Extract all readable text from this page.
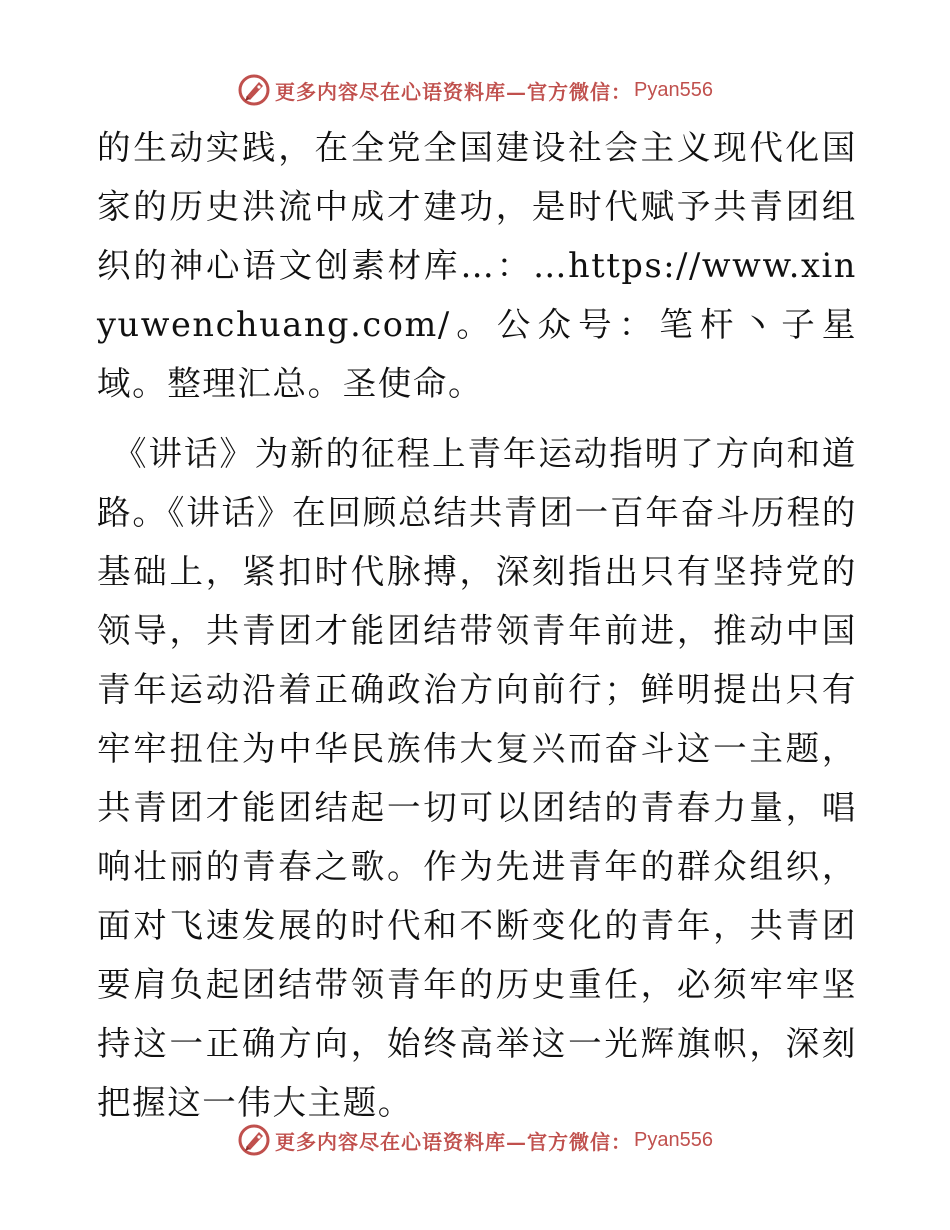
更多内容尽在心语资料库—官方微信： Pyan556

的生动实践，在全党全国建设社会主义现代化国家的历史洪流中成才建功，是时代赋予共青团组织的神心语文创素材库…：…https://www.xinyuwenchuang.com/。公众号：笔杆丶子星域。整理汇总。圣使命。

《讲话》为新的征程上青年运动指明了方向和道路。《讲话》在回顾总结共青团一百年奋斗历程的基础上，紧扣时代脉搏，深刻指出只有坚持党的领导，共青团才能团结带领青年前进，推动中国青年运动沿着正确政治方向前行；鲜明提出只有牢牢扭住为中华民族伟大复兴而奋斗这一主题，共青团才能团结起一切可以团结的青春力量，唱响壮丽的青春之歌。作为先进青年的群众组织，面对飞速发展的时代和不断变化的青年，共青团要肩负起团结带领青年的历史重任，必须牢牢坚持这一正确方向，始终高举这一光辉旗帜，深刻把握这一伟大主题。

更多内容尽在心语资料库—官方微信： Pyan556
